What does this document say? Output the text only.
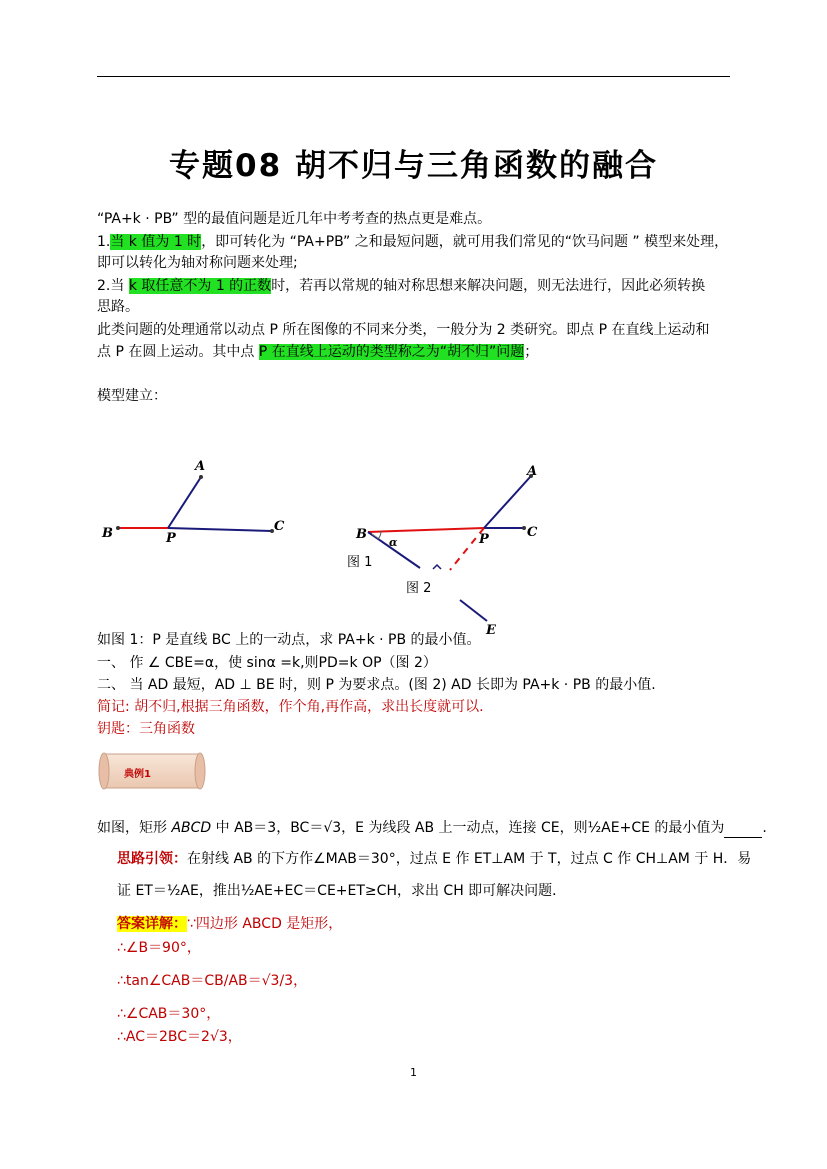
专题08 胡不归与三角函数的融合
“PA+k · PB” 型的最值问题是近几年中考考查的热点更是难点。
1.当 k 值为 1 时，即可转化为 “PA+PB” 之和最短问题，就可用我们常见的“饮马问题 ” 模型来处理，
即可以转化为轴对称问题来处理;
2.当 k 取任意不为 1 的正数时，若再以常规的轴对称思想来解决问题，则无法进行，因此必须转换
思路。
此类问题的处理通常以动点 P 所在图像的不同来分类，一般分为 2 类研究。即点 P 在直线上运动和
点 P 在圆上运动。其中点 P 在直线上运动的类型称之为“胡不归”问题；
模型建立：
A
B	C
P
A
B	C
P
E
α
图 1
图 2
如图 1：P 是直线 BC 上的一动点，求 PA+k · PB 的最小值。
一、 作 ∠ CBE=α，使 sinα =k,则PD=k OP（图 2）
二、 当 AD 最短，AD ⊥ BE 时，则 P 为要求点。(图 2) AD 长即为 PA+k · PB 的最小值.
简记: 胡不归,根据三角函数，作个角,再作高，求出长度就可以.
钥匙：三角函数
典例1
如图，矩形 ABCD 中 AB＝3，BC＝√3，E 为线段 AB 上一动点，连接 CE，则½AE+CE 的最小值为	.
思路引领：在射线 AB 的下方作∠MAB＝30°，过点 E 作 ET⊥AM 于 T，过点 C 作 CH⊥AM 于 H．易
证 ET＝½AE，推出½AE+EC＝CE+ET≥CH，求出 CH 即可解决问题．
答案详解：∵四边形 ABCD 是矩形，
∴∠B＝90°，
∴tan∠CAB＝CB/AB＝√3/3，
∴∠CAB＝30°，
∴AC＝2BC＝2√3，
1
